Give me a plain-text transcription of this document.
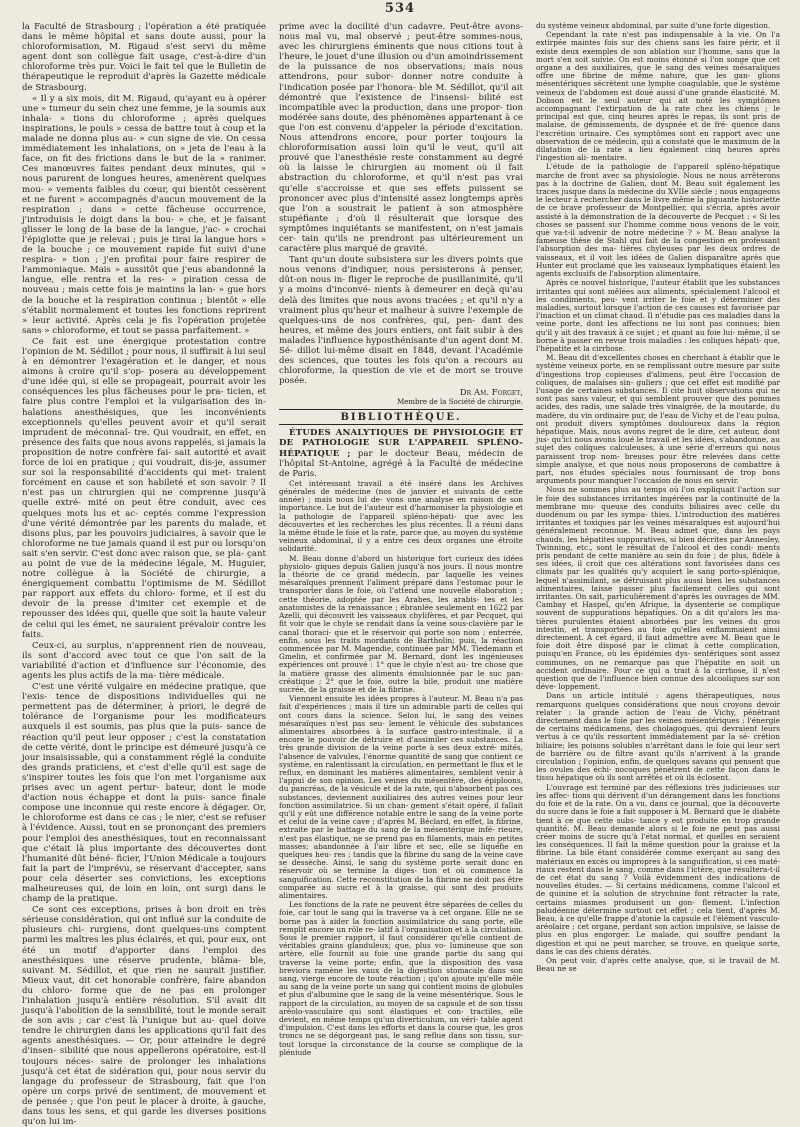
534

la Faculté de Strasbourg ; l'opération a été pratiquée dans le même hôpital et sans doute aussi, pour la chloroformisation, M. Rigaud s'est servi du même agent dont son collègue fait usage, c'est-à-dire d'un chloroforme très pur. Voici le fait tel que le Bulletin de thérapeutique le reproduit d'après la Gazette médicale de Strasbourg.

« Il y a six mois, dit M. Rigaud, qu'ayant eu à opérer une » tumeur du sein chez une femme, je la soumis aux inhala- » tions du chloroforme ; après quelques inspirations, le pouls » cessa de battre tout à coup et la malade ne donna plus au- » cun signe de vie. On cessa immédiatement les inhalations, on » jeta de l'eau à la face, on fit des frictions dans le but de la » ranimer. Ces manœuvres faites pendant deux minutes, qui » nous parurent de longues heures, amenèrent quelques mou- » vements faibles du cœur, qui bientôt cessèrent et ne furent » accompagnés d'aucun mouvement de la respiration ; dans » cette fâcheuse occurrence, j'introduisis le doigt dans la bou- » che, et je faisant glisser le long de la base de la langue, j'ac- » crochai l'épiglotte que je relevai ; puis je tirai la langue hors » de la bouche ; ce mouvement rapide fut suivi d'une respira- » tion ; j'en profitai pour faire respirer de l'ammoniaque. Mais » aussitôt que j'eus abandonné la langue, elle rentra et la res- » piration cessa de nouveau ; mais cette fois je maintins la lan- » gue hors de la bouche et la respiration continua ; bientôt » elle s'établit normalement et toutes les fonctions reprirent » leur activité. Après cela je fis l'opération projetée sans » chloroforme, et tout se passa parfaitement. »

Ce fait est une énergique protestation contre l'opinion de M. Sédillot ; pour nous, il suffirait à lui seul à en démontrer l'exagération et le danger, et nous aimons à croire qu'il s'op- posera au développement d'une idée qui, si elle se propageait, pourrait avoir les conséquences les plus fâcheuses pour le pra- ticien, et faire plus contre l'emploi et la vulgarisation des in- halations anesthésiques, que les inconvénients exceptionnels qu'elles peuvent avoir et qu'il serait imprudent de méconnaî- tre. Qui voudrait, en effet, en présence des faits que nous avons rappelés, si jamais la proposition de notre confrère fai- sait autorité et avait force de loi en pratique ; qui voudrait, dis-je, assumer sur soi la responsabilité d'accidents qui met- traient forcément en cause et son habileté et son savoir ? Il n'est pas un chirurgien qui ne comprenne jusqu'à quelle extré- mité on peut être conduit, avec ces quelques mots lus et ac- ceptés comme l'expression d'une vérité démontrée par les parents du malade, et disons plus, par les pouvoirs judiciaires, à savoir que le chloroforme ne tue jamais quand il est pur ou lorsqu'on sait s'en servir. C'est donc avec raison que, se pla- çant au point de vue de la médecine légale, M. Huguier, notre collègue à la Société de chirurgie, a énergiquement combattu l'optimisme de M. Sédillot par rapport aux effets du chloro- forme, et il est du devoir de la presse d'imiter cet exemple et de repousser des idées qui, quelle que soit la haute valeur de celui qui les émet, ne sauraient prévaloir contre les faits.

Ceux-ci, au surplus, n'apprennent rien de nouveau, ils sont d'accord avec tout ce que l'on sait de la variabilité d'action et d'influence sur l'économie, des agents les plus actifs de la ma- tière médicale.

C'est une vérité vulgaire en médecine pratique, que l'exis- tence de dispositions individuelles qui ne permettent pas de déterminer, à priori, le degré de tolérance de l'organisme pour les modificateurs auxquels il est soumis, pas plus que la puis- sance de réaction qu'il peut leur opposer ; c'est la constatation de cette vérité, dont le principe est démeuré jusqu'à ce jour insaisissable, qui a constamment réglé la conduite des grands praticiens, et c'est d'elle qu'il est sage de s'inspirer toutes les fois que l'on met l'organisme aux prises avec un agent pertur- bateur, dont le mode d'action nous échappe et dont la puis- sance finale compose une inconnue qui reste encore à dégager. Or, le chloroforme est dans ce cas ; le nier, c'est se refuser à l'évidence. Aussi, tout en se prononçant des premiers pour l'emploi des anesthésiques, tout en reconnaissant que c'était là plus importante des découvertes dont l'humanité dût béné- ficier, l'Union Médicale a toujours fait la part de l'imprévu, se réservant d'accepter, sans pour cela déserter ses convictions, les exceptions malheureuses qui, de loin en loin, ont surgi dans le champ de la pratique.

Ce sont ces exceptions, prises à bon droit en très sérieuse considération, qui ont influé sur la conduite de plusieurs chi- rurgiens, dont quelques-uns comptent parmi les maîtres les plus éclairés, et qui, pour eux, ont été un motif d'apporter dans l'emploi des anesthésiques une réserve prudente, blâma- ble, suivant M. Sédillot, et que rien ne saurait justifier. Mieux vaut, dit cet honorable confrère, faire abandon du chloro- forme que de ne pas en prolonger l'inhalation jusqu'à entière résolution. S'il avait dit jusqu'à l'abolition de la sensibilité, tout le monde serait de son avis ; car c'est là l'unique but au- quel doive tendre le chirurgien dans les applications qu'il fait des agents anesthésiques. — Or, pour atteindre le degré d'insen- sibilité que nous appellerons opératoire, est-il toujours néces- saire de prolonger les inhalations jusqu'à cet état de sidération qui, pour nous servir du langage du professeur de Strasbourg, fait que l'on opère un corps privé de sentiment, de mouvement et de pensée ; que l'on peut le placer à droite, à gauche, dans tous les sens, et qui garde les diverses positions qu'on lui im-

prime avec la docilité d'un cadavre. Peut-être avons-nous mal vu, mal observé ; peut-être sommes-nous, avec les chirurgiens éminents que nous citions tout à l'heure, le jouet d'une illusion ou d'un amoindrissement de la puissance de nos observations; mais nous attendrons, pour subor- donner notre conduite à l'indication posée par l'honora- ble M. Sédillot, qu'il ait démontré que l'existence de l'insensi- bilité est incompatible avec la production, dans une propor- tion modérée sans doute, des phénomènes appartenant à ce que l'on est convenu d'appeler la période d'excitation. Nous attendrons encore, pour porter toujours la chloroformisation aussi loin qu'il le veut, qu'il ait prouvé que l'anesthésie reste constamment au degré où la laisse le chirurgien au moment où il fait abstraction du chloroforme, et qu'il n'est pas vrai qu'elle s'accroisse et que ses effets puissent se prononcer avec plus d'intensité assez longtemps après que l'on a soustrait le patient à son atmosphère stupéfiante ; d'où il résulterait que lorsque des symptômes inquiétants se manifestent, on n'est jamais cer- tain qu'ils ne prendront pas ultérieurement un caractère plus marqué de gravité.

Tant qu'un doute subsistera sur les divers points que nous venons d'indiquer, nous persisterons à penser, dût-on nous in- fliger le reproche de pusillanimité, qu'il y a moins d'inconvé- nients à demeurer en deçà qu'au delà des limites que nous avons tracées ; et qu'il n'y a vraiment plus qu'heur et malheur à suivre l'exemple de quelques-uns de nos confrères, qui, pen- dant des heures, et même des jours entiers, ont fait subir à des malades l'influence hyposthénisante d'un agent dont M. Sé- dillot lui-même disait en 1848, devant l'Académie des sciences, que toutes les fois qu'on a recours au chloroforme, la question de vie et de mort se trouve posée.

Dr Am. Forget,
Membre de la Société de chirurgie.
BIBLIOTHÈQUE.

ÉTUDES ANALYTIQUES DE PHYSIOLOGIE ET DE PATHOLOGIE SUR L'APPAREIL SPLÉNO-HÉPATIQUE ; par le docteur Beau, médecin de l'hôpital St-Antoine, agrégé à la Faculté de médecine de Paris.

Cet intéressant travail a été inséré dans les Archives générales de médecine (nos de janvier et suivants de cette année) ; mais nous lui de- vons une analyse en raison de son importance. Le but de l'auteur est d'harmoniser la physiologie et la pathologie de l'appareil spléno-hépati- que avec les découvertes et les recherches les plus récentes. Il a réuni dans la même étude le foie et la rate, parce que, au moyen du système veineux abdominal, il y a entre ces deux organes une étroite solidarité.

M. Beau donne d'abord un historique fort curieux des idées physiolo- giques depuis Galien jusqu'à nos jours. Il nous montre la théorie de ce grand médecin, par laquelle les veines mésaraïques prennent l'aliment préparé dans l'estomac pour le transporter dans le foie, où l'attend une nouvelle élaboration ; cette théorie, adoptée par les Arabes, les arabis- tes et les anatomistes de la renaissance ; ébranlée seulement en 1622 par Azelli, qui découvrit les vaisseaux chylifères, et par Pecquet, qui fit voir que le chyle se rendait dans la veine sous-clavière par le canal thoraci- que et le réservoir qui porte son nom ; enterrée, enfin, sous les traits mordants de Bartholin; puis, la réaction commencée par M. Magendie, continuée par MM. Tiedemann et Gmelin, et confirmée par M. Bernard, dont les ingénieuses expériences ont prouvé : 1° que le chyle n'est au- tre chose que la matière grasse des aliments émulsionnée par le suc pan- créatique ; 2° que le foie, outre la bile, produit une matière sucrée, de la graisse et de la fibrine.

Viennent ensuite les idées propres à l'auteur. M. Beau n'a pas fait d'expériences ; mais il tire un admirable parti de celles qui ont cours dans la science. Selon lui, le sang des veines mésaraïques n'est pas seu- lement le véhicule des substances alimentaires absorbées à la surface gastro-intestinale, il a encore le pouvoir de détruire et d'assimiler ces substances. La très grande division de la veine porte à ses deux extré- mités, l'absence de valvules, l'énorme quantité de sang que contient ce système, en ralentissant la circulation, en permettant le flux et le reflux, en dominant les matières alimentaires, semblent venir à l'appui de son opinion. Les veines du mésentère, des épiploons, du pancréas, de la vésicule et de la rate, qui n'absorbent pas ces substances, deviennent auxiliaires des autres veines pour leur fonction assimilatrice. Si un chan- gement s'était opéré, il fallait qu'il y eût une différence notable entre le sang de la veine porte et celui de la veine cave ; d'après M. Béclard, en effet, la fibrine, extraite par le battage du sang de la mésentérique infé- rieure, n'est pas élastique, ne se prend pas en filaments, mais en petites masses; abandonnée à l'air libre et sec, elle se liquéfie en quelques heu- res ; tandis que la fibrine du sang de la veine cave se dessèche. Ainsi, le sang du système porte serait donc en réservoir où se termine la diges- tion et où commence la sanguification. Cette reconstitution de la fibrine ne doit pas être comparée au sucre et à la graisse, qui sont des produits alimentaires.

Les fonctions de la rate ne peuvent être séparées de celles du foie, car tout le sang qui la traverse va à cet organe. Elle ne se borne pas à aider la fonction assimilatrice du sang porte, elle remplit encore un rôle re- latif à l'organisation et à la circulation. Sous le premier rapport, il faut considérer qu'elle contient de véritables grains glanduleux; que, plus vo- lumineuse que son artère, elle fournit au foie une grande partie du sang qui traverse la veine porte; enfin, que la disposition des vasa breviora ramène les vaux de la digestion stomacale dans son sang, vierge encore de toute réaction ; qu'on ajoute qu'elle mêle au sang de la veine porte un sang qui contient moins de globules et plus d'albumine que le sang de la veine mésentérique. Sous le rapport de la circulation, au moyen de sa capsule et de son tissu aréolo-vasculaire qui sont élastiques et con- tractiles, elle devient, en même temps qu'un diverticulum, un véri- table agent d'impulsion. C'est dans les efforts et dans la course que, les gros troncs ne se dégorgeant pas, le sang reflue dans son tissu, sur- tout lorsque la circonstance de la course se complique de la pléniude

du système veineux abdominal, par suite d'une forte digestion.

Cependant la rate n'est pas indispensable à la vie. On l'a extirpée maintes fois sur des chiens sans les faire périr, et il existe deux exemples de son ablation sur l'homme, sans que la mort s'en soit suivie. On est moins étonné si l'on songe que cet organe a des auxiliaires, que le sang des veines mésaraïques offre une fibrine de même nature, que les gan- glions mésentériques sécrètent une lymphe coagulable, que le système veineux de l'abdomen est doué aussi d'une grande élasticité. M. Dobson est le seul auteur qui ait noté les symptômes accompagnant l'extirpation de la rate chez les chiens ; le principal est que, cinq heures après le repas, ils sont pris de malaise, de gémissements, de dyspnée et de fré- quence dans l'excrétion urinaire. Ces symptômes sont en rapport avec une observation de ce médecin, qui a constaté que le maximum de la dilatation de la rate a lieu également cinq heures après l'ingestion ali- mentaire.

L'étude de la pathologie de l'appareil spléno-hépatique marche de front avec sa physiologie. Nous ne nous arrêterons pas à la doctrine de Galien, dont M. Beau suit également les traces jusque dans la médecine du XVIIe siècle ; nous engageons le lecteur à rechercher dans le livre même la piquante historiette de ce brave professeur de Montpellier, qui s'écria, après avoir assisté à la démonstration de la découverte de Pecquet : « Si les choses se passent sur l'homme comme nous venons de le voir, que va-t-il advenir de notre médecine ? » M. Beau analyse la fameuse thèse de Stahl qui fait de la congestion en professant l'absorption des ma- tières chyleuses par les deux ordres de vaisseaux, et il voit les idées de Galien disparaître après que Hunter eut proclamé que les vaisseaux lymphatiques étaient les agents exclusifs de l'absorption alimentaire.

Après ce nouvel historique, l'auteur établit que les substances irritantes qui sont mêlées aux aliments, spécialement l'alcool et les condiments, peu- vent irriter le foie et y déterminer des maladies, surtout lorsque l'action de ces causes est favorisée par l'inaction et un climat chaud. Il n'étudie pas ces maladies dans la veine porte, dont les affections ne lui sont pas connues; bien qu'il y ait des travaux à ce sujet ; et quant au foie lui- même, il se borne à passer en revue trois maladies : les coliques hépati- que, l'hépatite et la cirrhose.

M. Beau dit d'excellentes choses en cherchant à établir que le système veineux porte, en se remplissant outre mesure par suite d'ingestions trop copieuses d'alimens, peut être l'occasion de coliques, de malaises sin- guliers ; que cet effet est modifié par l'usage de certaines substances. Il cite huit observations qui ne sont pas sans valeur, et qui semblent prouver que des pommes acides, des radis, une salade très vinaigrée, de la moutarde, du madère, du vin ordinaire pur, de l'eau de Vichy et de l'eau pulna, ont produit divers symptômes douloureux dans la région hépatique. Mais, nous avons regret de le dire, cet auteur, dont jus- qu'ici nous avons loué le travail et les idées, s'abandonne, au sujet des coliques calculeuses, à une série d'erreurs qui nous paraissent trop nom- breuses pour être relevées dans cette simple analyse, et que nous nous proposerons de combattre à part, nos études spéciales nous fournissant de trop bons arguments pour manquer l'occasion de nous en servir.

Nous ne sommes plus au temps où l'on expliquait l'action sur le foie des substances irritantes ingérées par la continuité de la membrane mu- queuse des conduits biliaires avec celle du duodénum ou par les sympa- thies. L'introduction des matières irritantes et toxiques par les veines mésaraïques est aujourd'hui généralement reconnue. M. Beau admet que, dans les pays chauds, les hépatites suppuratives, si bien décrites par Annesley, Twinning, etc., sont le résultat de l'alcool et des condi- ments pris pendant de cette manière au sein du foie ; de plus, fidèle à ses idées, il croit que ces altérations sont favorisées dans ces climats par les qualités qu'y acquiert le sang porto-splénique, lequel n'assimilant, se détruisant plus aussi bien les substances alimentaires, laisse passer plus facilement celles qui sont irritantes. On sait, particulièrement d'après les ouvrages de MM. Cambay et Haspel, qu'en Afrique, la dysenterie se complique souvent de suppurations hépatiques. On a dit qu'alors les ma- tières purulentes étaient absorbées par les veines du gros intestin, et transportées au foie qu'elles enflammaient ainsi directement. À cet égard, il faut admettre avec M. Beau que le foie doit être disposé par le climat à cette complication, puisqu'en France, où les épidémies dys- sentériques sont assez communes, on ne remarque pas que l'hépatite en soit un accident ordinaire. Pour ce qui a trait à la cirrhose, il n'est question que de l'influence bien connue des alcooliques sur son déve- loppement.

Dans un article intitulé : agens thérapeutiques, nous remarquons quelques considérations que nous croyons devoir relater : la grande action de l'eau de Vichy, pénétrant directement dans le foie par les veines mésentériques ; l'énergie de certains médicamens, des cholagogues, qui devraient leurs vertus à ce qu'ils ressortent immédiatement par la sé- crétion biliaire; les poisons solubles n'arrêtant dans le foie qui leur sert de barrière ou de filtre avant qu'ils n'arrivent à la grande circulation ; l'opinion, enfin, de quelques savans qui pensent que les ovules des échi- nocoques pénètrent de cette façon dans le tissu hépatique où ils sont arrêtés et où ils éclosent.

L'ouvrage est terminé par des réflexions très judicieuses sur les affec- tions qui dérivent d'un dérangement dans les fonctions du foie et de la rate. On a vu, dans ce journal, que la découverte du sucre dans le foie a fait supposer à M. Bernard que le diabète tient à ce que cette subs- tance y est produite en trop grande quantité. M. Beau demande alors si le foie ne peut pas aussi créer moins de sucre qu'à l'état normal, et quelles en seraient les conséquences. Il fait la même question pour la graisse et la fibrine. La bile étant considérée comme exerçant au sang des matériaux en excès ou impropres à la sanguification, si ces maté- riaux restent dans le sang, comme dans l'ictère, que résultera-t-il de cet état du sang ? Voilà évidemment des indications de nouvelles études. — Si certains médicamens, comme l'alcool et de quinine et la solution de strychnine font rétracter la rate, certains miasmes produisent un gon- flement. L'infection paludéenne détermine surtout cet effet ; cela tient, d'après M. Beau, à ce qu'elle frappe d'atonie la capsule et l'élément vasculo-aréolaire ; cet organe, perdant son action impulsive, se laisse de plus en plus engorger. Le malade, qui souffre pendant la digestion et qui ne peut marcher, se trouve, en quelque sorte, dans le cas des chiens dératés.

On peut voir, d'après cette analyse, que, si le travail de M. Beau ne se
